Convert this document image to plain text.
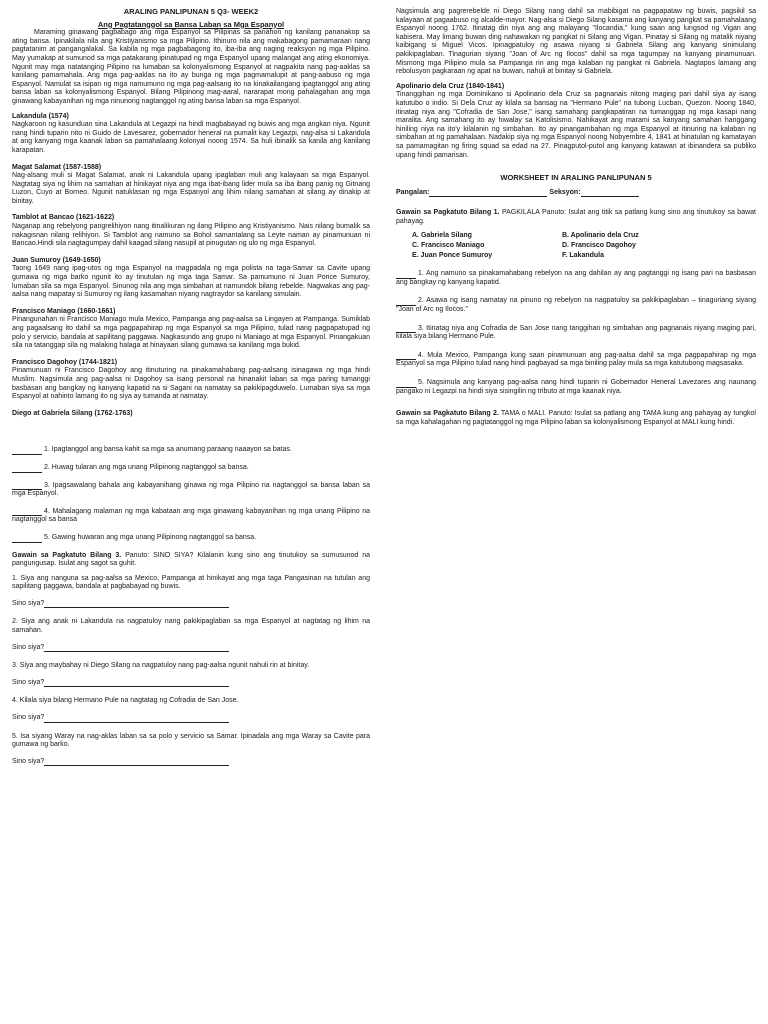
ARALING PANLIPUNAN 5 Q3- WEEK2
Ang Pagtatanggol sa Bansa Laban sa Mga Espanyol

Maraming ginawang pagbabago ang mga Espanyol sa Pilipinas sa panahon ng kanilang pananakop sa ating bansa. Ipinakilala nila ang Kristiyanismo sa mga Pilipino. Ithinuro nila ang makabagong pamamaraan nang pagtatanim at pangangalakal. Sa kabila ng mga pagbabagong ito, iba-iba ang naging reaksyon ng mga Pilipino. May yumakap at sumunod sa mga patakarang ipinatupad ng mga Espanyol upang malangat ang ating ekonomiya. Ngunit may mga natatanging Pilipino na lumaban sa kolonyalismong Espanyol at nagpakita nang pag-aaklas sa kanilang pamamahala. Ang mga pag-aaklas na ito ay bunga ng mga pagmamalupit at pang-aabuso ng mga Espanyol. Namulat sa isipan ng mga namumuno ng mga pag-aalsang ito na kinakailangang ipagtanggol ang ating bansa laban sa kolonyalismong Espanyol. Bilang Pilipinong mag-aaral, nararapat mong pahalagahan ang mga ginawang kabayanihan ng mga ninunong nagtanggol ng ating bansa laban sa mga Espanyol.

Lakandula (1574)

Nagkaroon ng kasunduan sina Lakandula at Legazpi na hindi magbabayad ng buwis ang mga angkan niya. Ngunit nang hindi tuparin nito ni Guido de Lavesarez, gobernador heneral na pumalit kay Legazpi, nag-alsa si Lakandula at ang kanyang mga kaanak laban sa pamahalaang kolonyal noong 1574. Sa huli ibinalik sa kanila ang kanilang karapatan.

Magat Salamat (1587-1588)

Nag-alsang muli si Magat Salamat, anak ni Lakandula upang ipaglaban muli ang kalayaan sa mga Espanyol. Nagtatag siya ng lihim na samahan at hinikayat niya ang mga ibat-ibang lider mula sa iba ibang panig ng Gitnang Luzon, Cuyo at Borneo. Ngunit natuklasan ng mga Espanyol ang lihim nilang samahan at silang ay dinakip at binitay.

Tamblot at Bancao (1621-1622)

Naganap ang rebelyong pangrelihiyon nang itinalikuran ng ilang Pilipino ang Kristiyanismo. Nais nilang bumalik sa nakagisnan nilang relihiyon. Si Tamblot ang namuno sa Bohol samantalang sa Leyte naman ay pinamunuan ni Bancao.Hindi sila nagtagumpay dahil kaagad silang nasupil at pinugutan ng ulo ng mga Espanyol.

Juan Sumuroy (1649-1650)

Taong 1649 nang ipag-utos ng mga Espanyol na magpadala ng mga polista na taga-Samar sa Cavite upang gumawa ng mga barko ngunit ito ay tinutulan ng mga taga Samar. Sa pamumuno ni Juan Ponce Sumuroy, lumaban sila sa mga Espanyol. Sinunog nila ang mga simbahan at namundok bilang rebelde. Nagwakas ang pag-aalsa nang mapatay si Sumuroy ng ilang kasamahan niyang nagtraydor sa kanilang simulain.

Francisco Maniago (1660-1661)

Pinangunahan ni Francisco Maniago mula Mexico, Pampanga ang pag-aalsa sa Lingayen at Pampanga. Sumiklab ang pagaalsang ito dahil sa mga pagpapahirap ng mga Espanyol sa mga Pilipino, tulad nang pagpapatupad ng polo y servicio, bandala at sapilitang paggawa. Nagkasundo ang grupo ni Maniago at mga Espanyol. Pinangakuan sila na tatanggap sila ng malaking halaga at hinayaan silang gumawa sa kanilang mga bukid.

Francisco Dagohoy (1744-1821)

Pinamunuan ni Francisco Dagohoy ang itinuturing na pinakamahabang pag-aalsang isinagawa ng mga hindi Muslim. Nagsimula ang pag-aalsa ni Dagohoy sa isang personal na hinanakit laban sa mga paring tumanggi basbasan ang bangkay ng kanyang kapatid na si Sagani na namatay sa pakikipagduwelo. Lumaban siya sa mga Espanyol at nahinto lamang ito ng siya ay tumanda at namatay.

Diego at Gabriela Silang (1762-1763)

1. Ipagtanggol ang bansa kahit sa mga sa anumang paraang naaayon sa batas.

2. Huwag tularan ang mga unang Pilipinong nagtanggol sa bansa.

3. Ipagsawalang bahala ang kabayanihang ginawa ng mga Pilipino na nagtanggol sa bansa laban sa mga Espanyol.

4. Mahalagang malaman ng mga kabataan ang mga ginawang kabayanihan ng mga unang Pilipino na nagtanggol sa bansa

5. Gawing huwaran ang mga unang Pilipinong nagtanggol sa bansa.

Gawain sa Pagkatuto Bilang 3. Panuto: SINO SIYA? Kilalanin kung sino ang tinutukoy sa sumusunod na pangungusap. Isulat ang sagot sa guhit.

1. Siya ang nanguna sa pag-aalsa sa Mexico, Pampanga at hinikayat ang mga taga Pangasinan na tutulan ang sapilitang paggawa, bandala at pagbabayad ng buwis.

Sino siya?

2. Siya ang anak ni Lakandula na nagpatuloy nang pakikipaglaban sa mga Espanyol at nagtatag ng lihim na samahan.

Sino siya?

3. Siya ang maybahay ni Diego Silang na nagpatuloy nang pag-aalsa ngunit nahuli rin at binitay.

Sino siya?

4. Kilala siya bilang Hermano Pule na nagtatag ng Cofradia de San Jose.

Sino siya?

5. Isa siyang Waray na nag-aklas laban sa sa polo y servicio sa Samar. Ipinadala ang mga Waray sa Cavite para gumawa ng barko.

Sino siya?

Nagsimula ang pagrerebelde ni Diego Silang nang dahil sa mabibigat na pagpapataw ng buwis, pagsikil sa kalayaan at pagaabuso ng alcalde-mayor. Nag-alsa si Diego Silang kasama ang kanyang pangkat sa pamahalaang Espanyol noong 1762. Itinatag din niya ang ang malayang "Ilocandia," kung saan ang lungsod ng Vigan ang kabisera. May limang buwan ding nahawakan ng pangkat ni Silang ang Vigan. Pinatay si Silang ng matalik niyang kaibigang si Miguel Vicos. Ipinagpatuloy ng asawa niyang si Gabriela Silang ang kanyang sinimulang pakikipaglaban. Tinagurian siyang "Joan of Arc ng Ilocos" dahil sa mga tagumpay na kanyang pinamunuan. Mismong mga Pilipino mula sa Pampanga rin ang mga kalaban ng pangkat ni Gabriela. Nagtapos lamang ang rebolusyon pagkaraan ng apat na buwan, nahuli at binitay si Gabriela.

Apolinario dela Cruz (1840-1841)

Tinanggihan ng mga Dominikano si Apolinario dela Cruz sa pagnanais nitong maging pari dahil siya ay isang katutubo o indio. Si Dela Cruz ay kilala sa bansag na "Hermano Pule" na tubong Lucban, Quezon. Noong 1840, itinatag niya ang "Cofradia de San Jose," isang samahang pangkapatiran na tumanggap ng mga kasapi nang maralita. Ang samahang ito ay hiwalay sa Katolisismo. Nahikayat ang marami sa kanyang samahan hanggang hiniling niya na ito'y kilalanin ng simbahan. Ito ay pinangambahan ng mga Espanyol at itinuring na kalaban ng simbahan at ng pamahalaan. Nadakip siya ng mga Espanyol noong Nobyembre 4, 1841 at hinatulan ng kamatayan sa pamamagitan ng firing squad sa edad na 27. Pinagputol-putol ang kanyang katawan at ibinandera sa publiko upang hindi pamarisan.

WORKSHEET IN ARALING PANLIPUNAN 5
Pangalan:	Seksyon:

Gawain sa Pagkatuto Bilang 1. PAGKILALA Panuto: Isulat ang titik sa patlang kung sino ang tinutukoy sa bawat pahayag.

A. Gabriela Silang	B. Apolinario dela Cruz
C. Francisco Maniago	D. Francisco Dagohoy
E. Juan Ponce Sumuroy	F. Lakandula

1. Ang namuno sa pinakamahabang rebelyon na ang dahilan ay ang pagtanggi ng isang pari na basbasan ang bangkay ng kanyang kapatid.

2. Asawa ng isang namatay na pinuno ng rebelyon na nagpatuloy sa pakikipaglaban – tinaguriang siyang "Joan of Arc ng Ilocos."

3. Itinatag niya ang Cofradia de San Jose nang tanggihan ng simbahan ang pagnanais niyang maging pari, kilala siya bilang Hermano Pule.

4. Mula Mexico, Pampanga kung saan pinamunuan ang pag-aalsa dahil sa mga pagpapahirap ng mga Espanyol sa mga Pilipino tulad nang hindi pagbayad sa mga biniling palay mula sa mga katutubong magsasaka.

5. Nagsimula ang kanyang pag-aalsa nang hindi tuparin ni Gobernador Heneral Lavezares ang naunang pangako ni Legazpi na hindi siya sisingilin ng tributo at mga kaanak niya.

Gawain sa Pagkatuto Bilang 2. TAMA o MALI. Panuto: Isulat sa patlang ang TAMA kung ang pahayag ay tungkol sa mga kahalagahan ng pagtatanggol ng mga Pilipino laban sa kolonyalismong Espanyol at MALI kung hindi.
